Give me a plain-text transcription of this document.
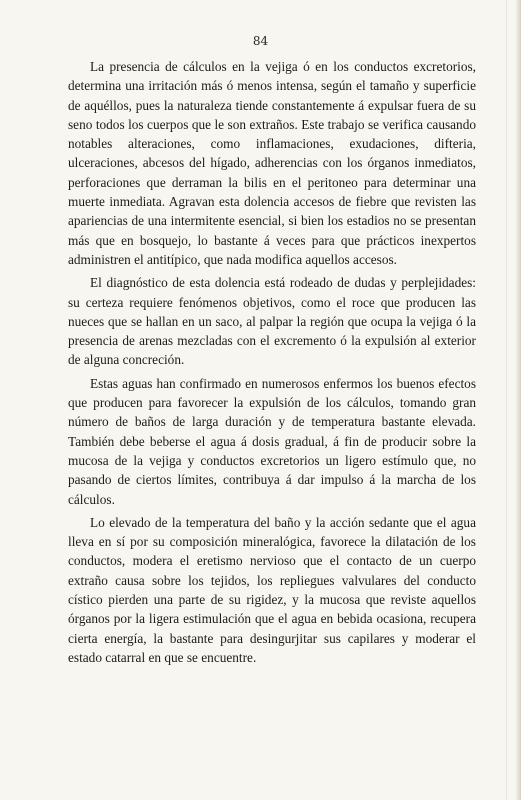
84

La presencia de cálculos en la vejiga ó en los conductos excretorios, determina una irritación más ó menos intensa, según el tamaño y superficie de aquéllos, pues la naturaleza tiende constantemente á expulsar fuera de su seno todos los cuerpos que le son extraños. Este trabajo se verifica causando notables alteraciones, como inflamaciones, exudaciones, difteria, ulceraciones, abcesos del hígado, adherencias con los órganos inmediatos, perforaciones que derraman la bilis en el peritoneo para determinar una muerte inmediata. Agravan esta dolencia accesos de fiebre que revisten las apariencias de una intermitente esencial, si bien los estadios no se presentan más que en bosquejo, lo bastante á veces para que prácticos inexpertos administren el antitípico, que nada modifica aquellos accesos.

El diagnóstico de esta dolencia está rodeado de dudas y perplejidades: su certeza requiere fenómenos objetivos, como el roce que producen las nueces que se hallan en un saco, al palpar la región que ocupa la vejiga ó la presencia de arenas mezcladas con el excremento ó la expulsión al exterior de alguna concreción.

Estas aguas han confirmado en numerosos enfermos los buenos efectos que producen para favorecer la expulsión de los cálculos, tomando gran número de baños de larga duración y de temperatura bastante elevada. También debe beberse el agua á dosis gradual, á fin de producir sobre la mucosa de la vejiga y conductos excretorios un ligero estímulo que, no pasando de ciertos límites, contribuya á dar impulso á la marcha de los cálculos.

Lo elevado de la temperatura del baño y la acción sedante que el agua lleva en sí por su composición mineralógica, favorece la dilatación de los conductos, modera el eretismo nervioso que el contacto de un cuerpo extraño causa sobre los tejidos, los repliegues valvulares del conducto cístico pierden una parte de su rigidez, y la mucosa que reviste aquellos órganos por la ligera estimulación que el agua en bebida ocasiona, recupera cierta energía, la bastante para desingurjitar sus capilares y moderar el estado catarral en que se encuentre.
